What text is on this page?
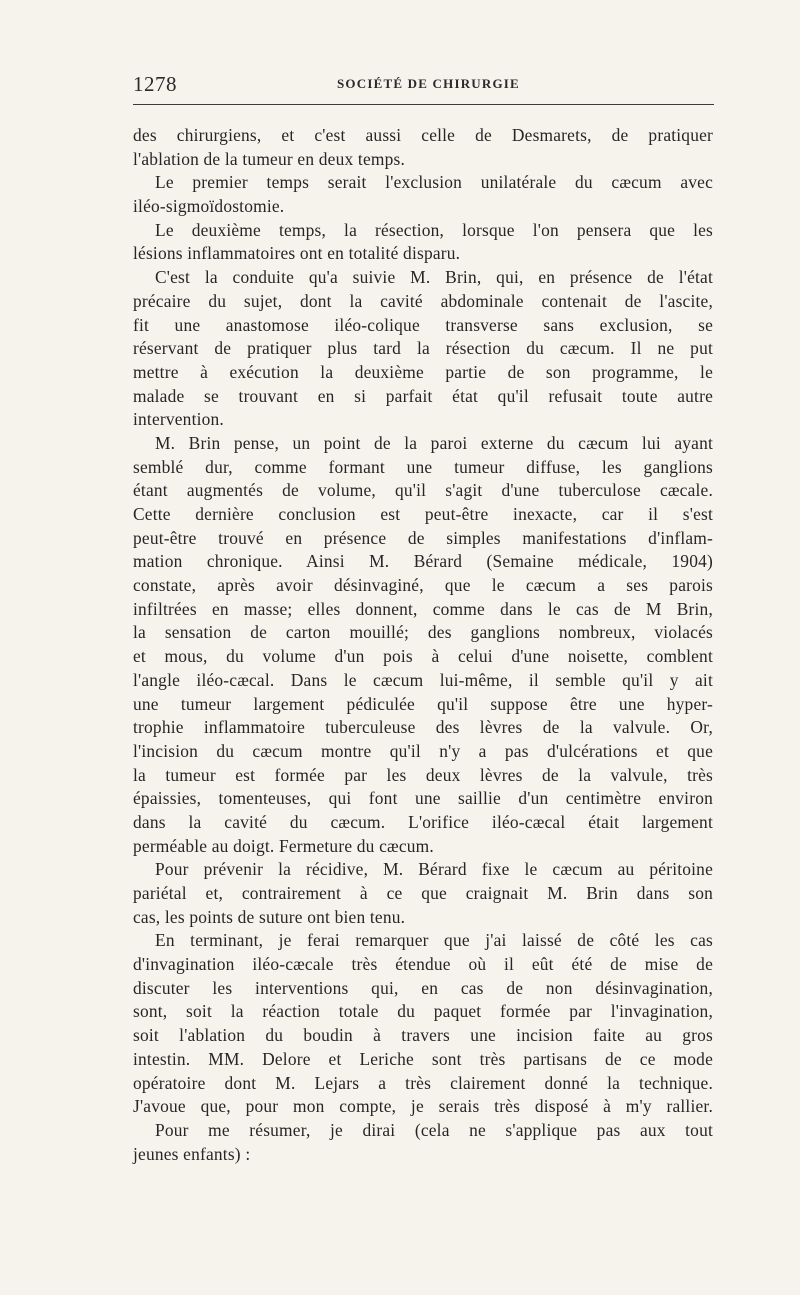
1278	SOCIÉTÉ DE CHIRURGIE
des chirurgiens, et c'est aussi celle de Desmarets, de pratiquer
l'ablation de la tumeur en deux temps.
Le premier temps serait l'exclusion unilatérale du cæcum avec
iléo-sigmoïdostomie.
Le deuxième temps, la résection, lorsque l'on pensera que les
lésions inflammatoires ont en totalité disparu.
C'est la conduite qu'a suivie M. Brin, qui, en présence de l'état
précaire du sujet, dont la cavité abdominale contenait de l'ascite,
fit une anastomose iléo-colique transverse sans exclusion, se
réservant de pratiquer plus tard la résection du cæcum. Il ne put
mettre à exécution la deuxième partie de son programme, le
malade se trouvant en si parfait état qu'il refusait toute autre
intervention.
M. Brin pense, un point de la paroi externe du cæcum lui ayant
semblé dur, comme formant une tumeur diffuse, les ganglions
étant augmentés de volume, qu'il s'agit d'une tuberculose cæcale.
Cette dernière conclusion est peut-être inexacte, car il s'est
peut-être trouvé en présence de simples manifestations d'inflam-
mation chronique. Ainsi M. Bérard (Semaine médicale, 1904)
constate, après avoir désinvaginé, que le cæcum a ses parois
infiltrées en masse; elles donnent, comme dans le cas de M Brin,
la sensation de carton mouillé; des ganglions nombreux, violacés
et mous, du volume d'un pois à celui d'une noisette, comblent
l'angle iléo-cæcal. Dans le cæcum lui-même, il semble qu'il y ait
une tumeur largement pédiculée qu'il suppose être une hyper-
trophie inflammatoire tuberculeuse des lèvres de la valvule. Or,
l'incision du cæcum montre qu'il n'y a pas d'ulcérations et que
la tumeur est formée par les deux lèvres de la valvule, très
épaissies, tomenteuses, qui font une saillie d'un centimètre environ
dans la cavité du cæcum. L'orifice iléo-cæcal était largement
perméable au doigt. Fermeture du cæcum.
Pour prévenir la récidive, M. Bérard fixe le cæcum au péritoine
pariétal et, contrairement à ce que craignait M. Brin dans son
cas, les points de suture ont bien tenu.
En terminant, je ferai remarquer que j'ai laissé de côté les cas
d'invagination iléo-cæcale très étendue où il eût été de mise de
discuter les interventions qui, en cas de non désinvagination,
sont, soit la réaction totale du paquet formée par l'invagination,
soit l'ablation du boudin à travers une incision faite au gros
intestin. MM. Delore et Leriche sont très partisans de ce mode
opératoire dont M. Lejars a très clairement donné la technique.
J'avoue que, pour mon compte, je serais très disposé à m'y rallier.
Pour me résumer, je dirai (cela ne s'applique pas aux tout
jeunes enfants) :
